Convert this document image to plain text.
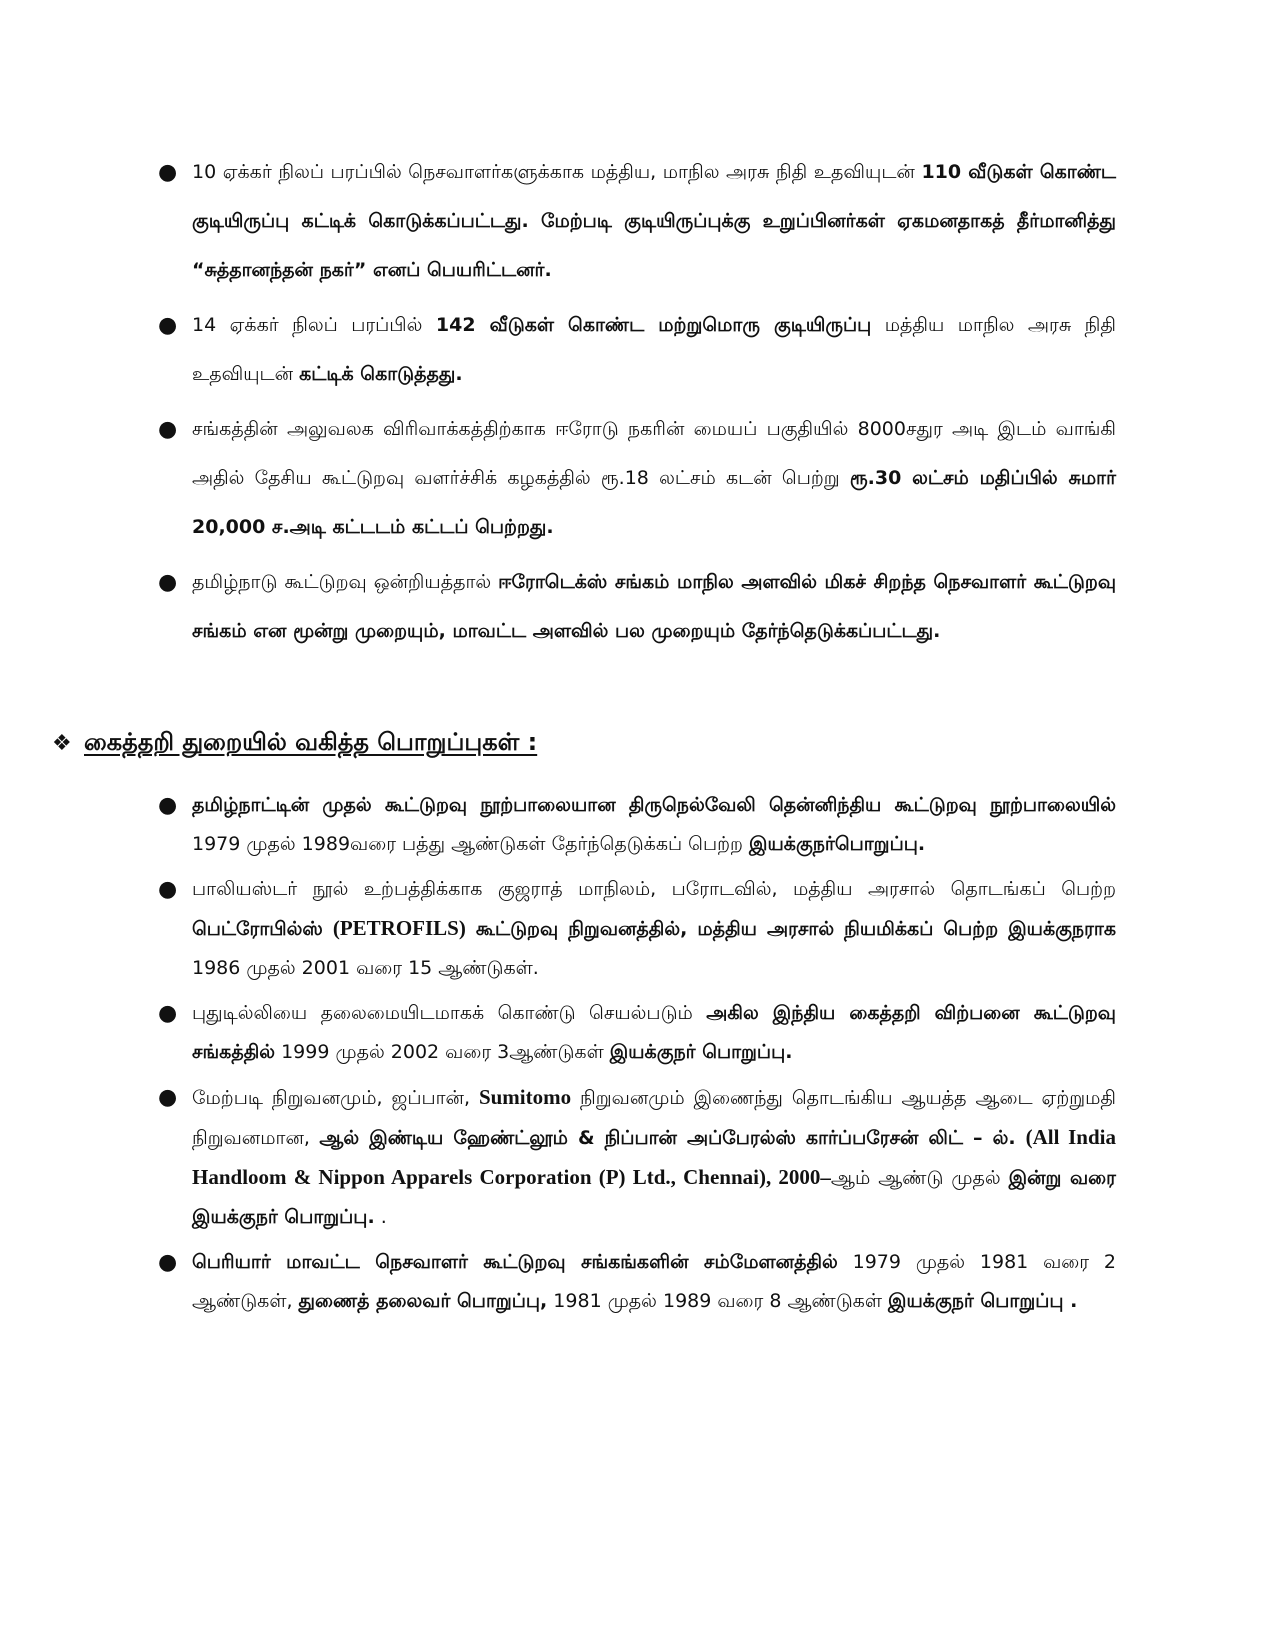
● 10 ஏக்கர் நிலப் பரப்பில் நெசவாளர்களுக்காக மத்திய, மாநில அரசு நிதி உதவியுடன் 110 வீடுகள் கொண்ட குடியிருப்பு கட்டிக் கொடுக்கப்பட்டது. மேற்படி குடியிருப்புக்கு உறுப்பினர்கள் ஏகமனதாகத் தீர்மானித்து “சுத்தானந்தன் நகர்” எனப் பெயரிட்டனர்.
● 14 ஏக்கர் நிலப் பரப்பில் 142 வீடுகள் கொண்ட மற்றுமொரு குடியிருப்பு மத்திய மாநில அரசு நிதி உதவியுடன் கட்டிக் கொடுத்தது.
● சங்கத்தின் அலுவலக விரிவாக்கத்திற்காக ஈரோடு நகரின் மையப் பகுதியில் 8000சதுர அடி இடம் வாங்கி அதில் தேசிய கூட்டுறவு வளர்ச்சிக் கழகத்தில் ரூ.18 லட்சம் கடன் பெற்று ரூ.30 லட்சம் மதிப்பில் சுமார் 20,000 ச.அடி கட்டடம் கட்டப் பெற்றது.
● தமிழ்நாடு கூட்டுறவு ஒன்றியத்தால் ஈரோடெக்ஸ் சங்கம் மாநில அளவில் மிகச் சிறந்த நெசவாளர் கூட்டுறவு சங்கம் என மூன்று முறையும், மாவட்ட அளவில் பல முறையும் தேர்ந்தெடுக்கப்பட்டது.
❖ கைத்தறி துறையில் வகித்த பொறுப்புகள் :
● தமிழ்நாட்டின் முதல் கூட்டுறவு நூற்பாலையான திருநெல்வேலி தென்னிந்திய கூட்டுறவு நூற்பாலையில் 1979 முதல் 1989வரை பத்து ஆண்டுகள் தேர்ந்தெடுக்கப் பெற்ற இயக்குநர்பொறுப்பு.
● பாலியஸ்டர் நூல் உற்பத்திக்காக குஜராத் மாநிலம், பரோடவில், மத்திய அரசால் தொடங்கப் பெற்ற பெட்ரோபில்ஸ் (PETROFILS) கூட்டுறவு நிறுவனத்தில், மத்திய அரசால் நியமிக்கப் பெற்ற இயக்குநராக 1986 முதல் 2001 வரை 15 ஆண்டுகள்.
● புதுடில்லியை தலைமையிடமாகக் கொண்டு செயல்படும் அகில இந்திய கைத்தறி விற்பனை கூட்டுறவு சங்கத்தில் 1999 முதல் 2002 வரை 3ஆண்டுகள் இயக்குநர் பொறுப்பு.
● மேற்படி நிறுவனமும், ஜப்பான், Sumitomo நிறுவனமும் இணைந்து தொடங்கிய ஆயத்த ஆடை ஏற்றுமதி நிறுவனமான, ஆல் இண்டிய ஹேண்ட்லூம் & நிப்பான் அப்பேரல்ஸ் கார்ப்பரேசன் லிட் – ல். (All India Handloom & Nippon Apparels Corporation (P) Ltd., Chennai), 2000–ஆம் ஆண்டு முதல் இன்று வரை இயக்குநர் பொறுப்பு. .
● பெரியார் மாவட்ட நெசவாளர் கூட்டுறவு சங்கங்களின் சம்மேளனத்தில் 1979 முதல் 1981 வரை 2 ஆண்டுகள், துணைத் தலைவர் பொறுப்பு, 1981 முதல் 1989 வரை 8 ஆண்டுகள் இயக்குநர் பொறுப்பு .
